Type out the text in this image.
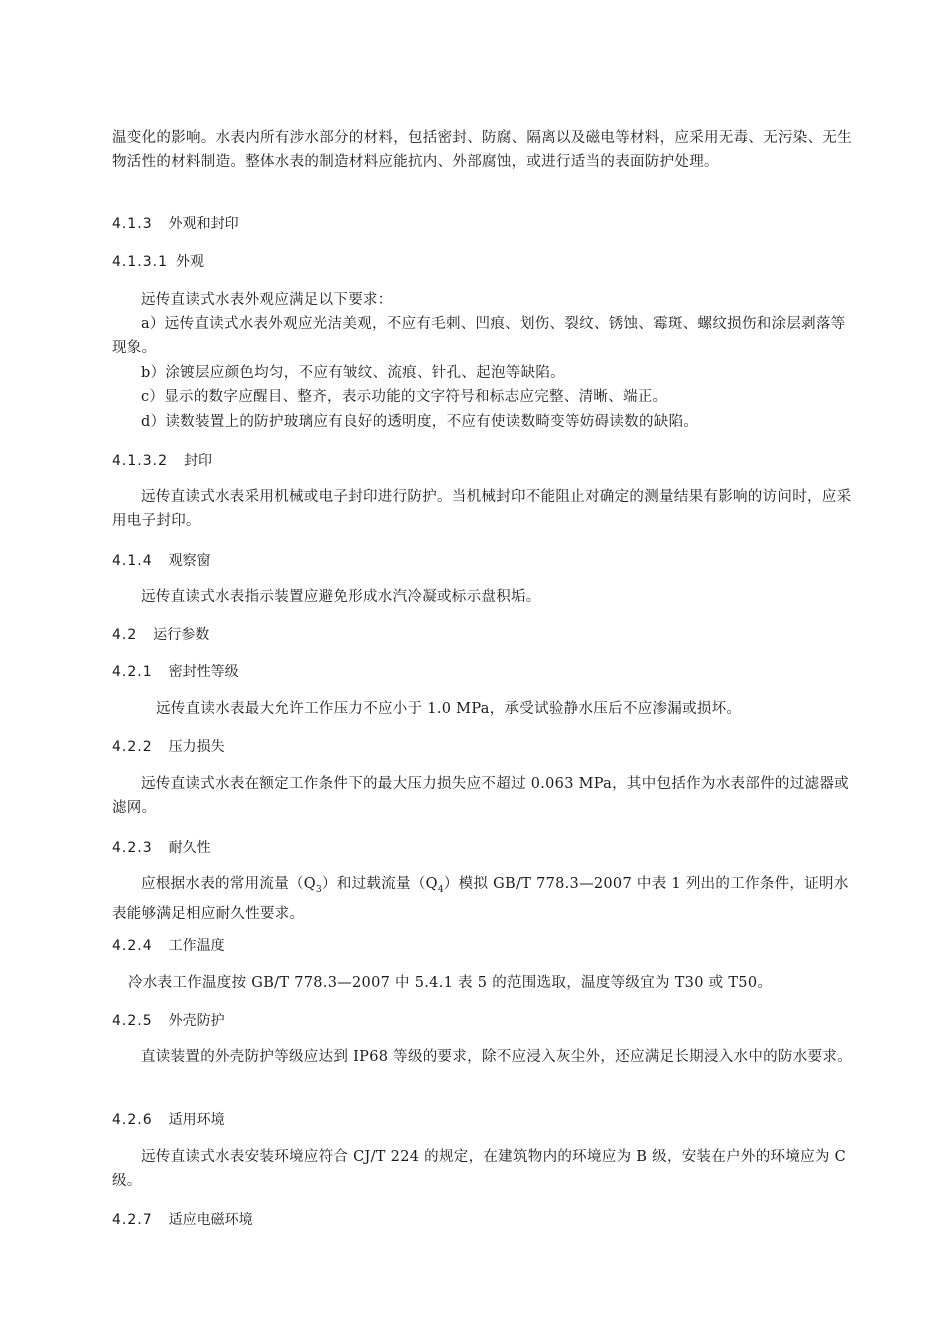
温变化的影响。水表内所有涉水部分的材料，包括密封、防腐、隔离以及磁电等材料，应采用无毒、无污染、无生物活性的材料制造。整体水表的制造材料应能抗内、外部腐蚀，或进行适当的表面防护处理。

4.1.3 外观和封印
4.1.3.1 外观

远传直读式水表外观应满足以下要求：

a）远传直读式水表外观应光洁美观，不应有毛刺、凹痕、划伤、裂纹、锈蚀、霉斑、螺纹损伤和涂层剥落等现象。

b）涂镀层应颜色均匀，不应有皱纹、流痕、针孔、起泡等缺陷。

c）显示的数字应醒目、整齐，表示功能的文字符号和标志应完整、清晰、端正。

d）读数装置上的防护玻璃应有良好的透明度，不应有使读数畸变等妨碍读数的缺陷。

4.1.3.2 封印

远传直读式水表采用机械或电子封印进行防护。当机械封印不能阻止对确定的测量结果有影响的访问时，应采用电子封印。

4.1.4 观察窗

远传直读式水表指示装置应避免形成水汽冷凝或标示盘积垢。

4.2 运行参数
4.2.1 密封性等级

远传直读水表最大允许工作压力不应小于 1.0 MPa，承受试验静水压后不应渗漏或损坏。

4.2.2 压力损失

远传直读式水表在额定工作条件下的最大压力损失应不超过 0.063 MPa，其中包括作为水表部件的过滤器或滤网。

4.2.3 耐久性

应根据水表的常用流量$(Q_3)$和过载流量$(Q_4)$模拟 GB/T 778.3—2007 中表 1 列出的工作条件，证明水表能够满足相应耐久性要求。

4.2.4 工作温度

冷水表工作温度按 GB/T 778.3—2007 中 5.4.1 表 5 的范围选取，温度等级宜为 T30 或 T50。

4.2.5 外壳防护

直读装置的外壳防护等级应达到 IP68 等级的要求，除不应浸入灰尘外，还应满足长期浸入水中的防水要求。

4.2.6 适用环境

远传直读式水表安装环境应符合 CJ/T 224 的规定，在建筑物内的环境应为 B 级，安装在户外的环境应为 C 级。

4.2.7 适应电磁环境
